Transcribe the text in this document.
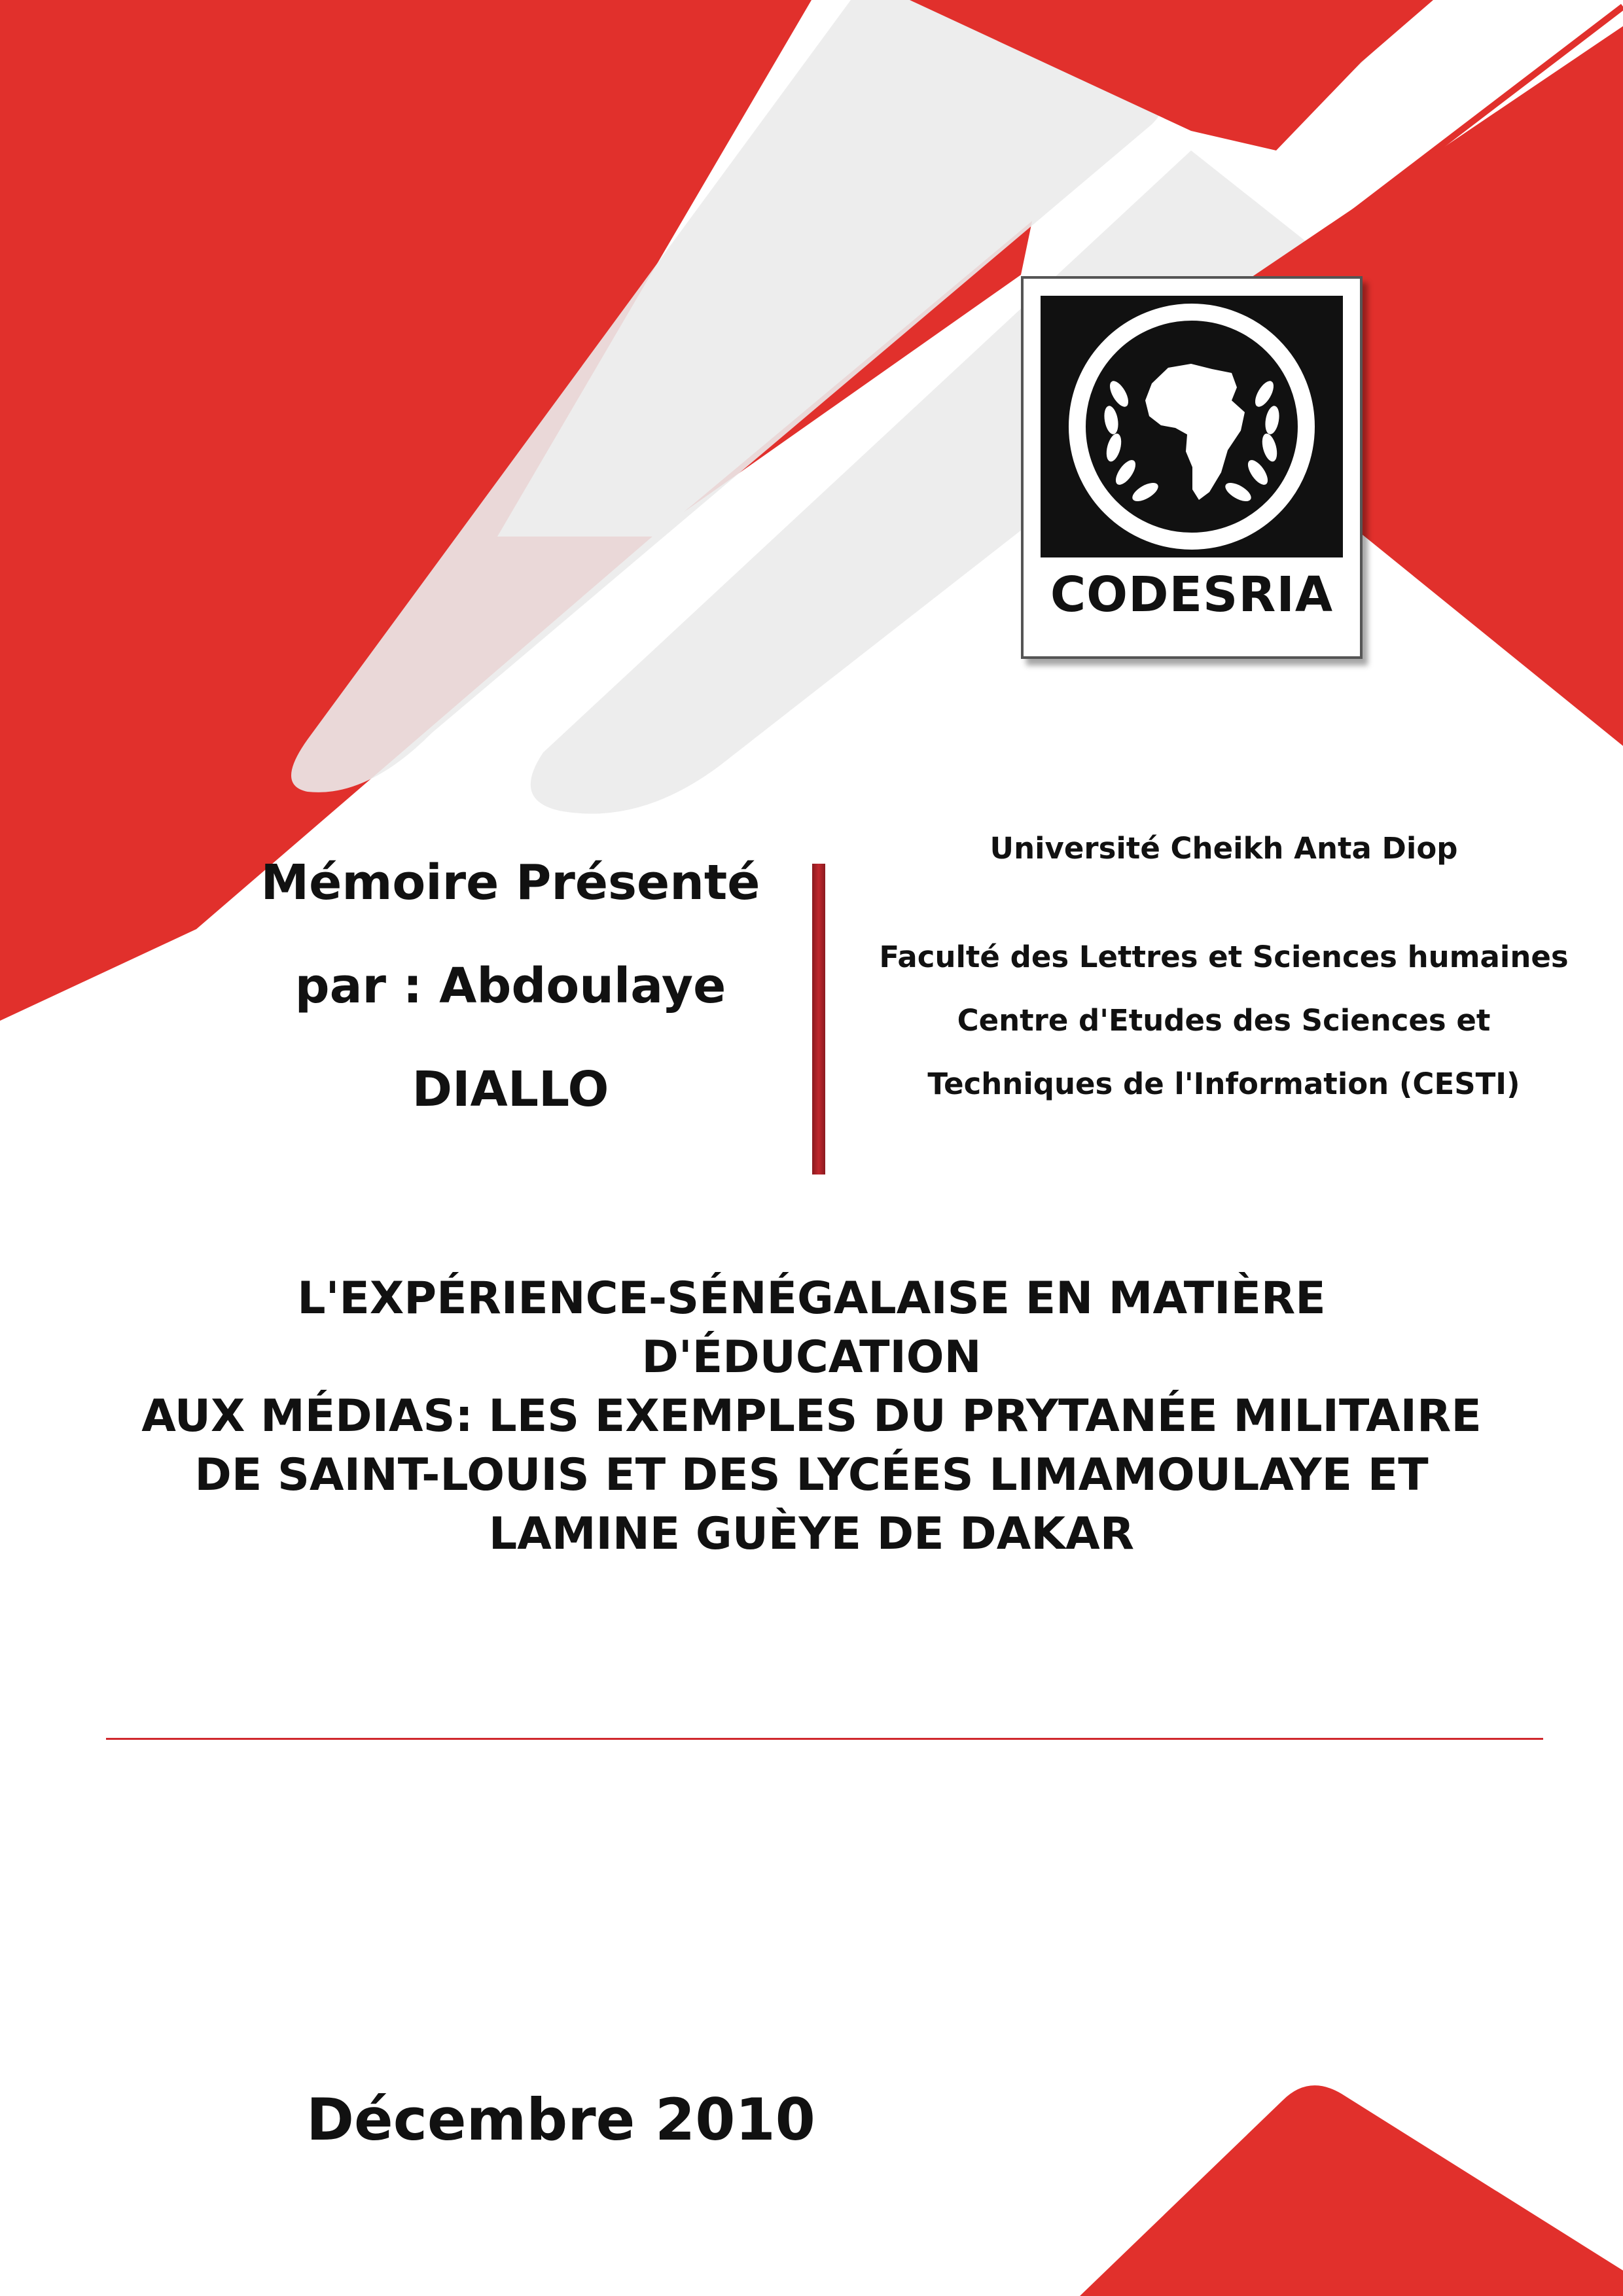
CODESRIA
Mémoire Présenté
par : Abdoulaye
DIALLO
Université Cheikh Anta Diop
Faculté des Lettres et Sciences humaines
Centre d'Etudes des Sciences et
Techniques de l'Information (CESTI)
L'EXPÉRIENCE-SÉNÉGALAISE EN MATIÈRE
D'ÉDUCATION
AUX MÉDIAS: LES EXEMPLES DU PRYTANÉE MILITAIRE
DE SAINT-LOUIS ET DES LYCÉES LIMAMOULAYE ET
LAMINE GUÈYE DE DAKAR
Décembre 2010
